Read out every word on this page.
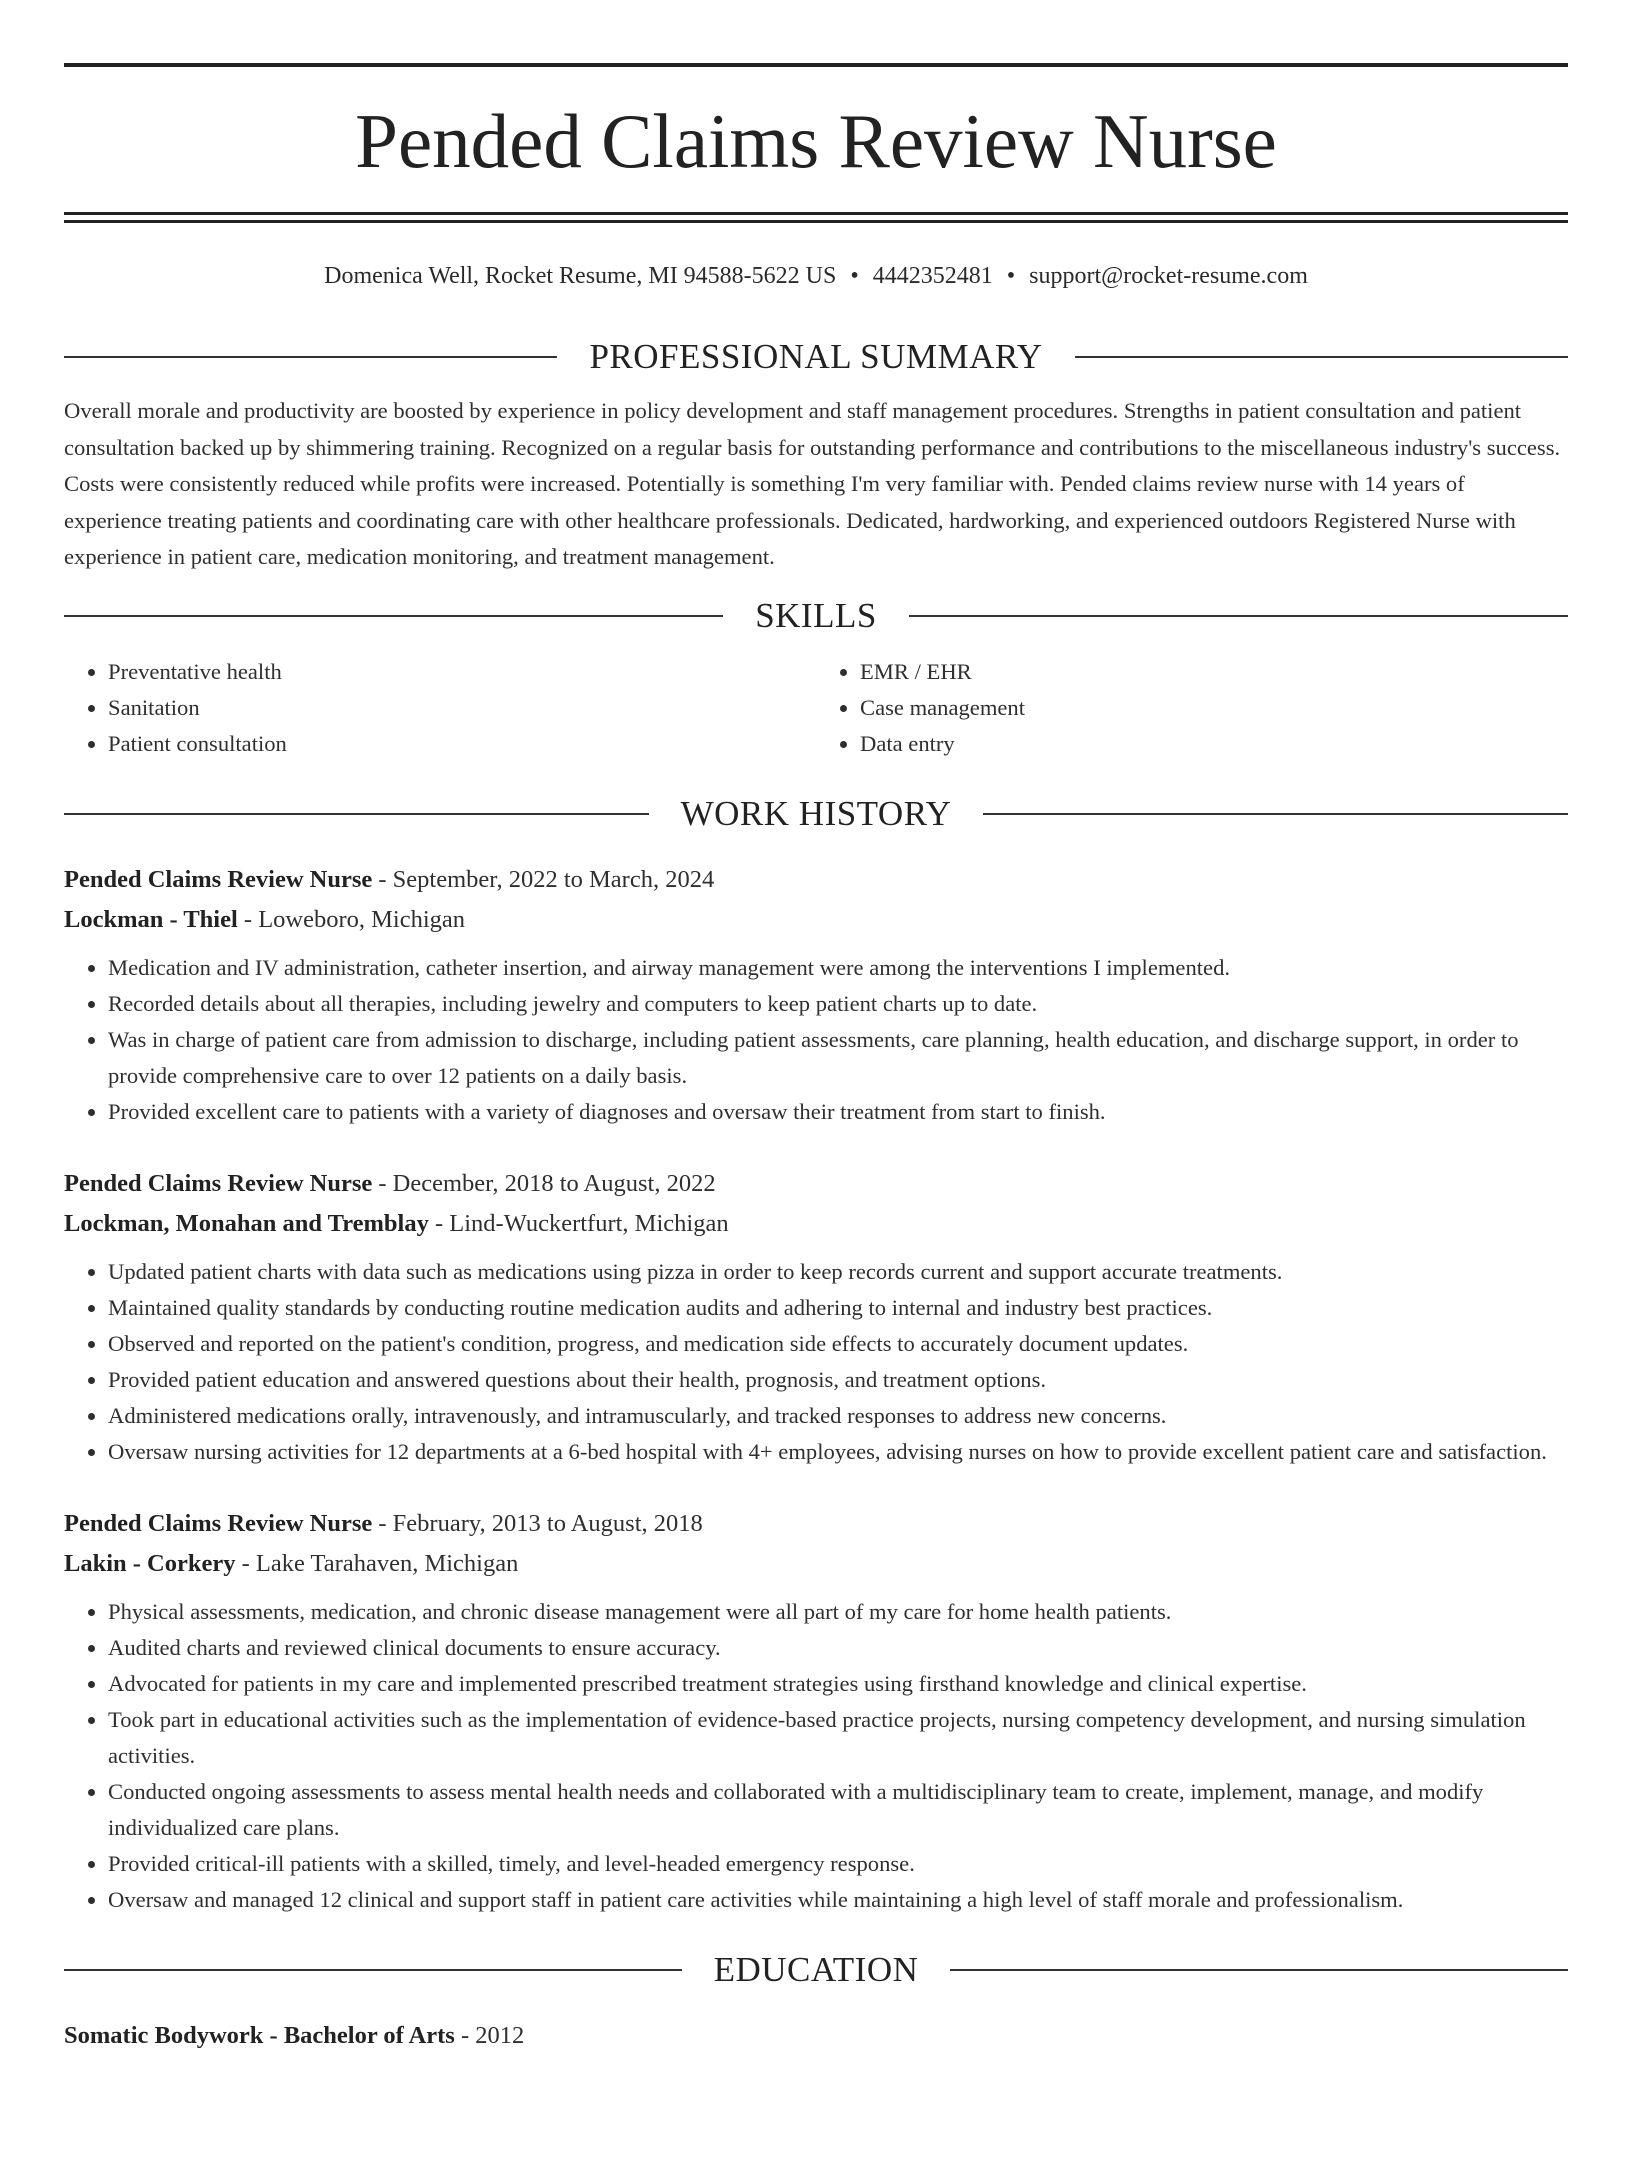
Pended Claims Review Nurse
Domenica Well, Rocket Resume, MI 94588-5622 US • 4442352481 • support@rocket-resume.com
PROFESSIONAL SUMMARY
Overall morale and productivity are boosted by experience in policy development and staff management procedures. Strengths in patient consultation and patient consultation backed up by shimmering training. Recognized on a regular basis for outstanding performance and contributions to the miscellaneous industry's success. Costs were consistently reduced while profits were increased. Potentially is something I'm very familiar with. Pended claims review nurse with 14 years of experience treating patients and coordinating care with other healthcare professionals. Dedicated, hardworking, and experienced outdoors Registered Nurse with experience in patient care, medication monitoring, and treatment management.
SKILLS
• Preventative health
• Sanitation
• Patient consultation
• EMR / EHR
• Case management
• Data entry
WORK HISTORY
Pended Claims Review Nurse - September, 2022 to March, 2024
Lockman - Thiel - Loweboro, Michigan
• Medication and IV administration, catheter insertion, and airway management were among the interventions I implemented.
• Recorded details about all therapies, including jewelry and computers to keep patient charts up to date.
• Was in charge of patient care from admission to discharge, including patient assessments, care planning, health education, and discharge support, in order to provide comprehensive care to over 12 patients on a daily basis.
• Provided excellent care to patients with a variety of diagnoses and oversaw their treatment from start to finish.
Pended Claims Review Nurse - December, 2018 to August, 2022
Lockman, Monahan and Tremblay - Lind-Wuckertfurt, Michigan
• Updated patient charts with data such as medications using pizza in order to keep records current and support accurate treatments.
• Maintained quality standards by conducting routine medication audits and adhering to internal and industry best practices.
• Observed and reported on the patient's condition, progress, and medication side effects to accurately document updates.
• Provided patient education and answered questions about their health, prognosis, and treatment options.
• Administered medications orally, intravenously, and intramuscularly, and tracked responses to address new concerns.
• Oversaw nursing activities for 12 departments at a 6-bed hospital with 4+ employees, advising nurses on how to provide excellent patient care and satisfaction.
Pended Claims Review Nurse - February, 2013 to August, 2018
Lakin - Corkery - Lake Tarahaven, Michigan
• Physical assessments, medication, and chronic disease management were all part of my care for home health patients.
• Audited charts and reviewed clinical documents to ensure accuracy.
• Advocated for patients in my care and implemented prescribed treatment strategies using firsthand knowledge and clinical expertise.
• Took part in educational activities such as the implementation of evidence-based practice projects, nursing competency development, and nursing simulation activities.
• Conducted ongoing assessments to assess mental health needs and collaborated with a multidisciplinary team to create, implement, manage, and modify individualized care plans.
• Provided critical-ill patients with a skilled, timely, and level-headed emergency response.
• Oversaw and managed 12 clinical and support staff in patient care activities while maintaining a high level of staff morale and professionalism.
EDUCATION
Somatic Bodywork - Bachelor of Arts - 2012
